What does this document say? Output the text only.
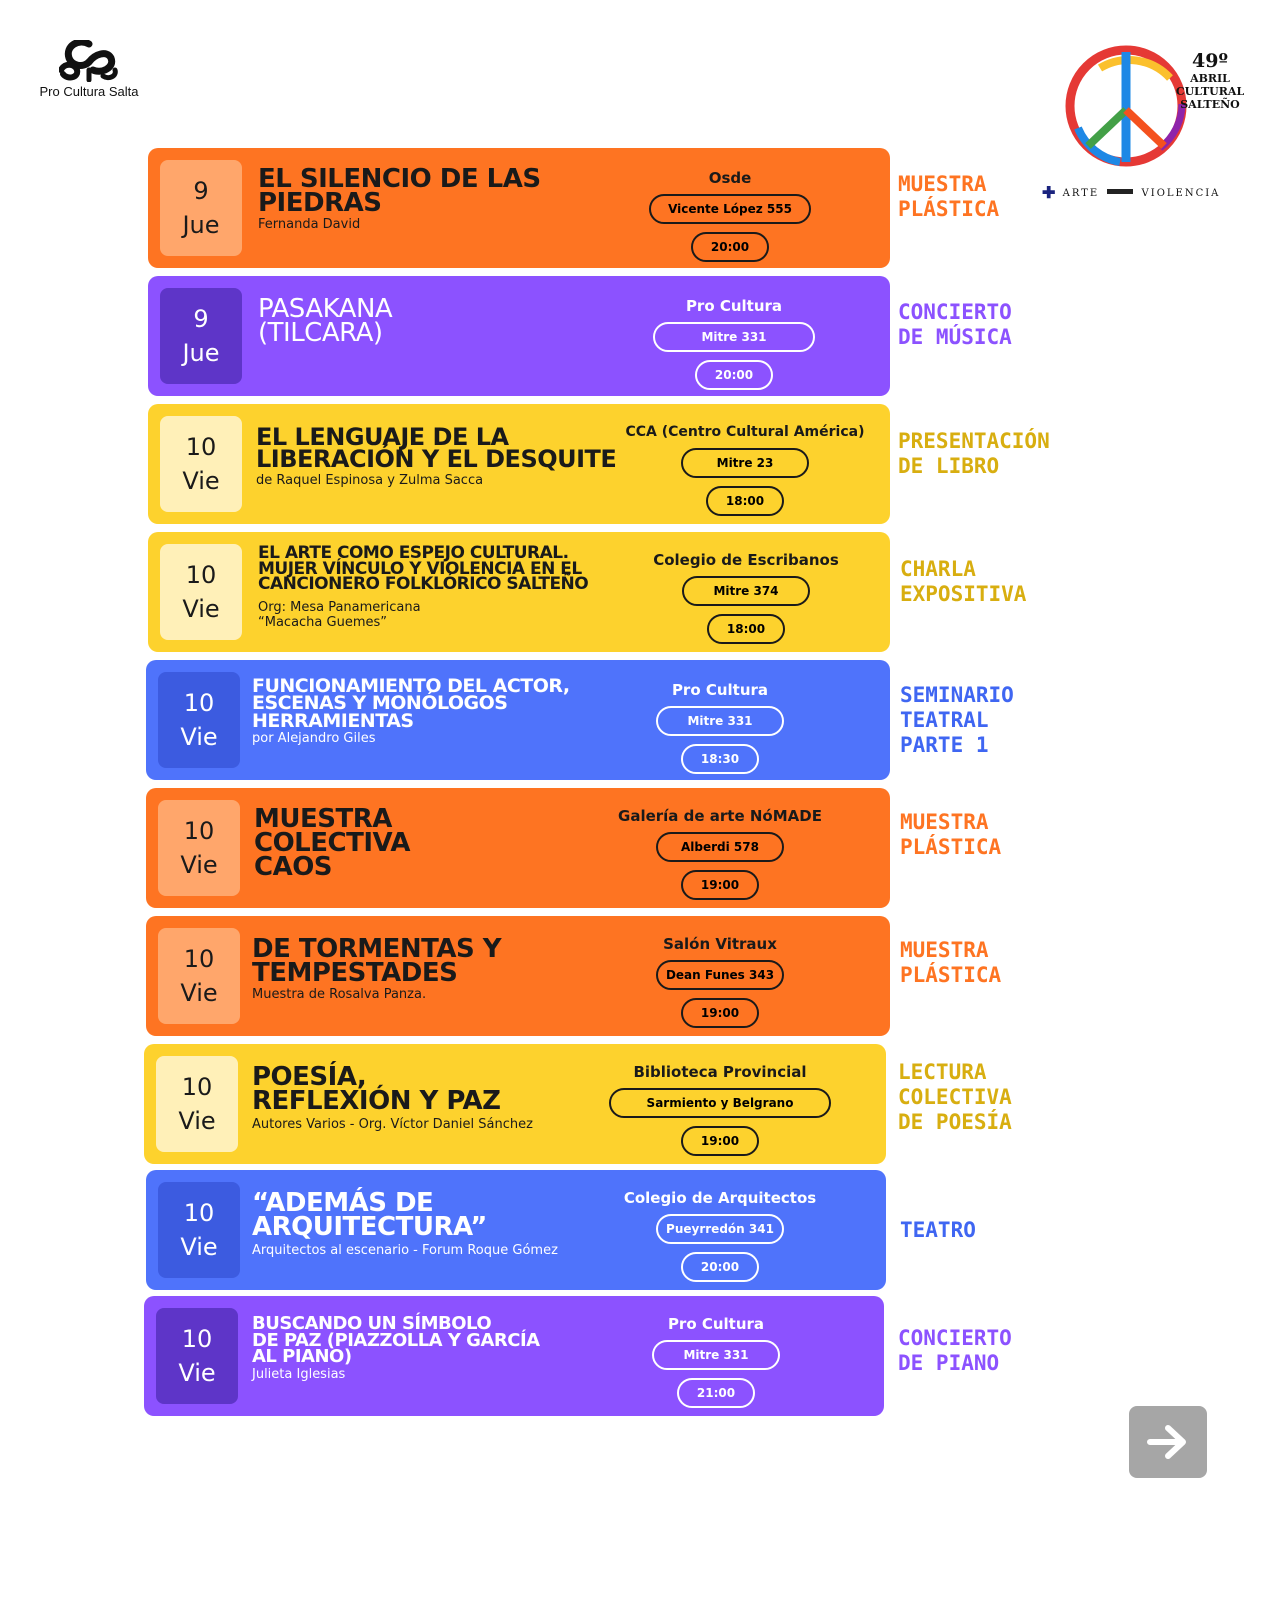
Pro Cultura Salta
49º
ABRIL
CULTURAL
SALTEÑO
✚ ARTE	VIOLENCIA
9
Jue
EL SILENCIO DE LAS
PIEDRAS
Fernanda David
Osde
Vicente López 555
20:00
MUESTRA
PLÁSTICA
9
Jue
PASAKANA
(TILCARA)
Pro Cultura
Mitre 331
20:00
CONCIERTO
DE MÚSICA
10
Vie
EL LENGUAJE DE LA
LIBERACIÓN Y EL DESQUITE
de Raquel Espinosa y Zulma Sacca
CCA (Centro Cultural América)
Mitre 23
18:00
PRESENTACIÓN
DE LIBRO
10
Vie
EL ARTE COMO ESPEJO CULTURAL.
MUJER VÍNCULO Y VIOLENCIA EN EL
CANCIONERO FOLKLÓRICO SALTEÑO
Org: Mesa Panamericana
“Macacha Guemes”
Colegio de Escribanos
Mitre 374
18:00
CHARLA
EXPOSITIVA
10
Vie
FUNCIONAMIENTO DEL ACTOR,
ESCENAS Y MONÓLOGOS
HERRAMIENTAS
por Alejandro Giles
Pro Cultura
Mitre 331
18:30
SEMINARIO
TEATRAL
PARTE 1
10
Vie
MUESTRA
COLECTIVA
CAOS
Galería de arte NóMADE
Alberdi 578
19:00
MUESTRA
PLÁSTICA
10
Vie
DE TORMENTAS Y
TEMPESTADES
Muestra de Rosalva Panza.
Salón Vitraux
Dean Funes 343
19:00
MUESTRA
PLÁSTICA
10
Vie
POESÍA,
REFLEXIÓN Y PAZ
Autores Varios - Org. Víctor Daniel Sánchez
Biblioteca Provincial
Sarmiento y Belgrano
19:00
LECTURA
COLECTIVA
DE POESÍA
10
Vie
“ADEMÁS DE
ARQUITECTURA”
Arquitectos al escenario - Forum Roque Gómez
Colegio de Arquitectos
Pueyrredón 341
20:00
TEATRO
10
Vie
BUSCANDO UN SÍMBOLO
DE PAZ (PIAZZOLLA Y GARCÍA
AL PIANO)
Julieta Iglesias
Pro Cultura
Mitre 331
21:00
CONCIERTO
DE PIANO
